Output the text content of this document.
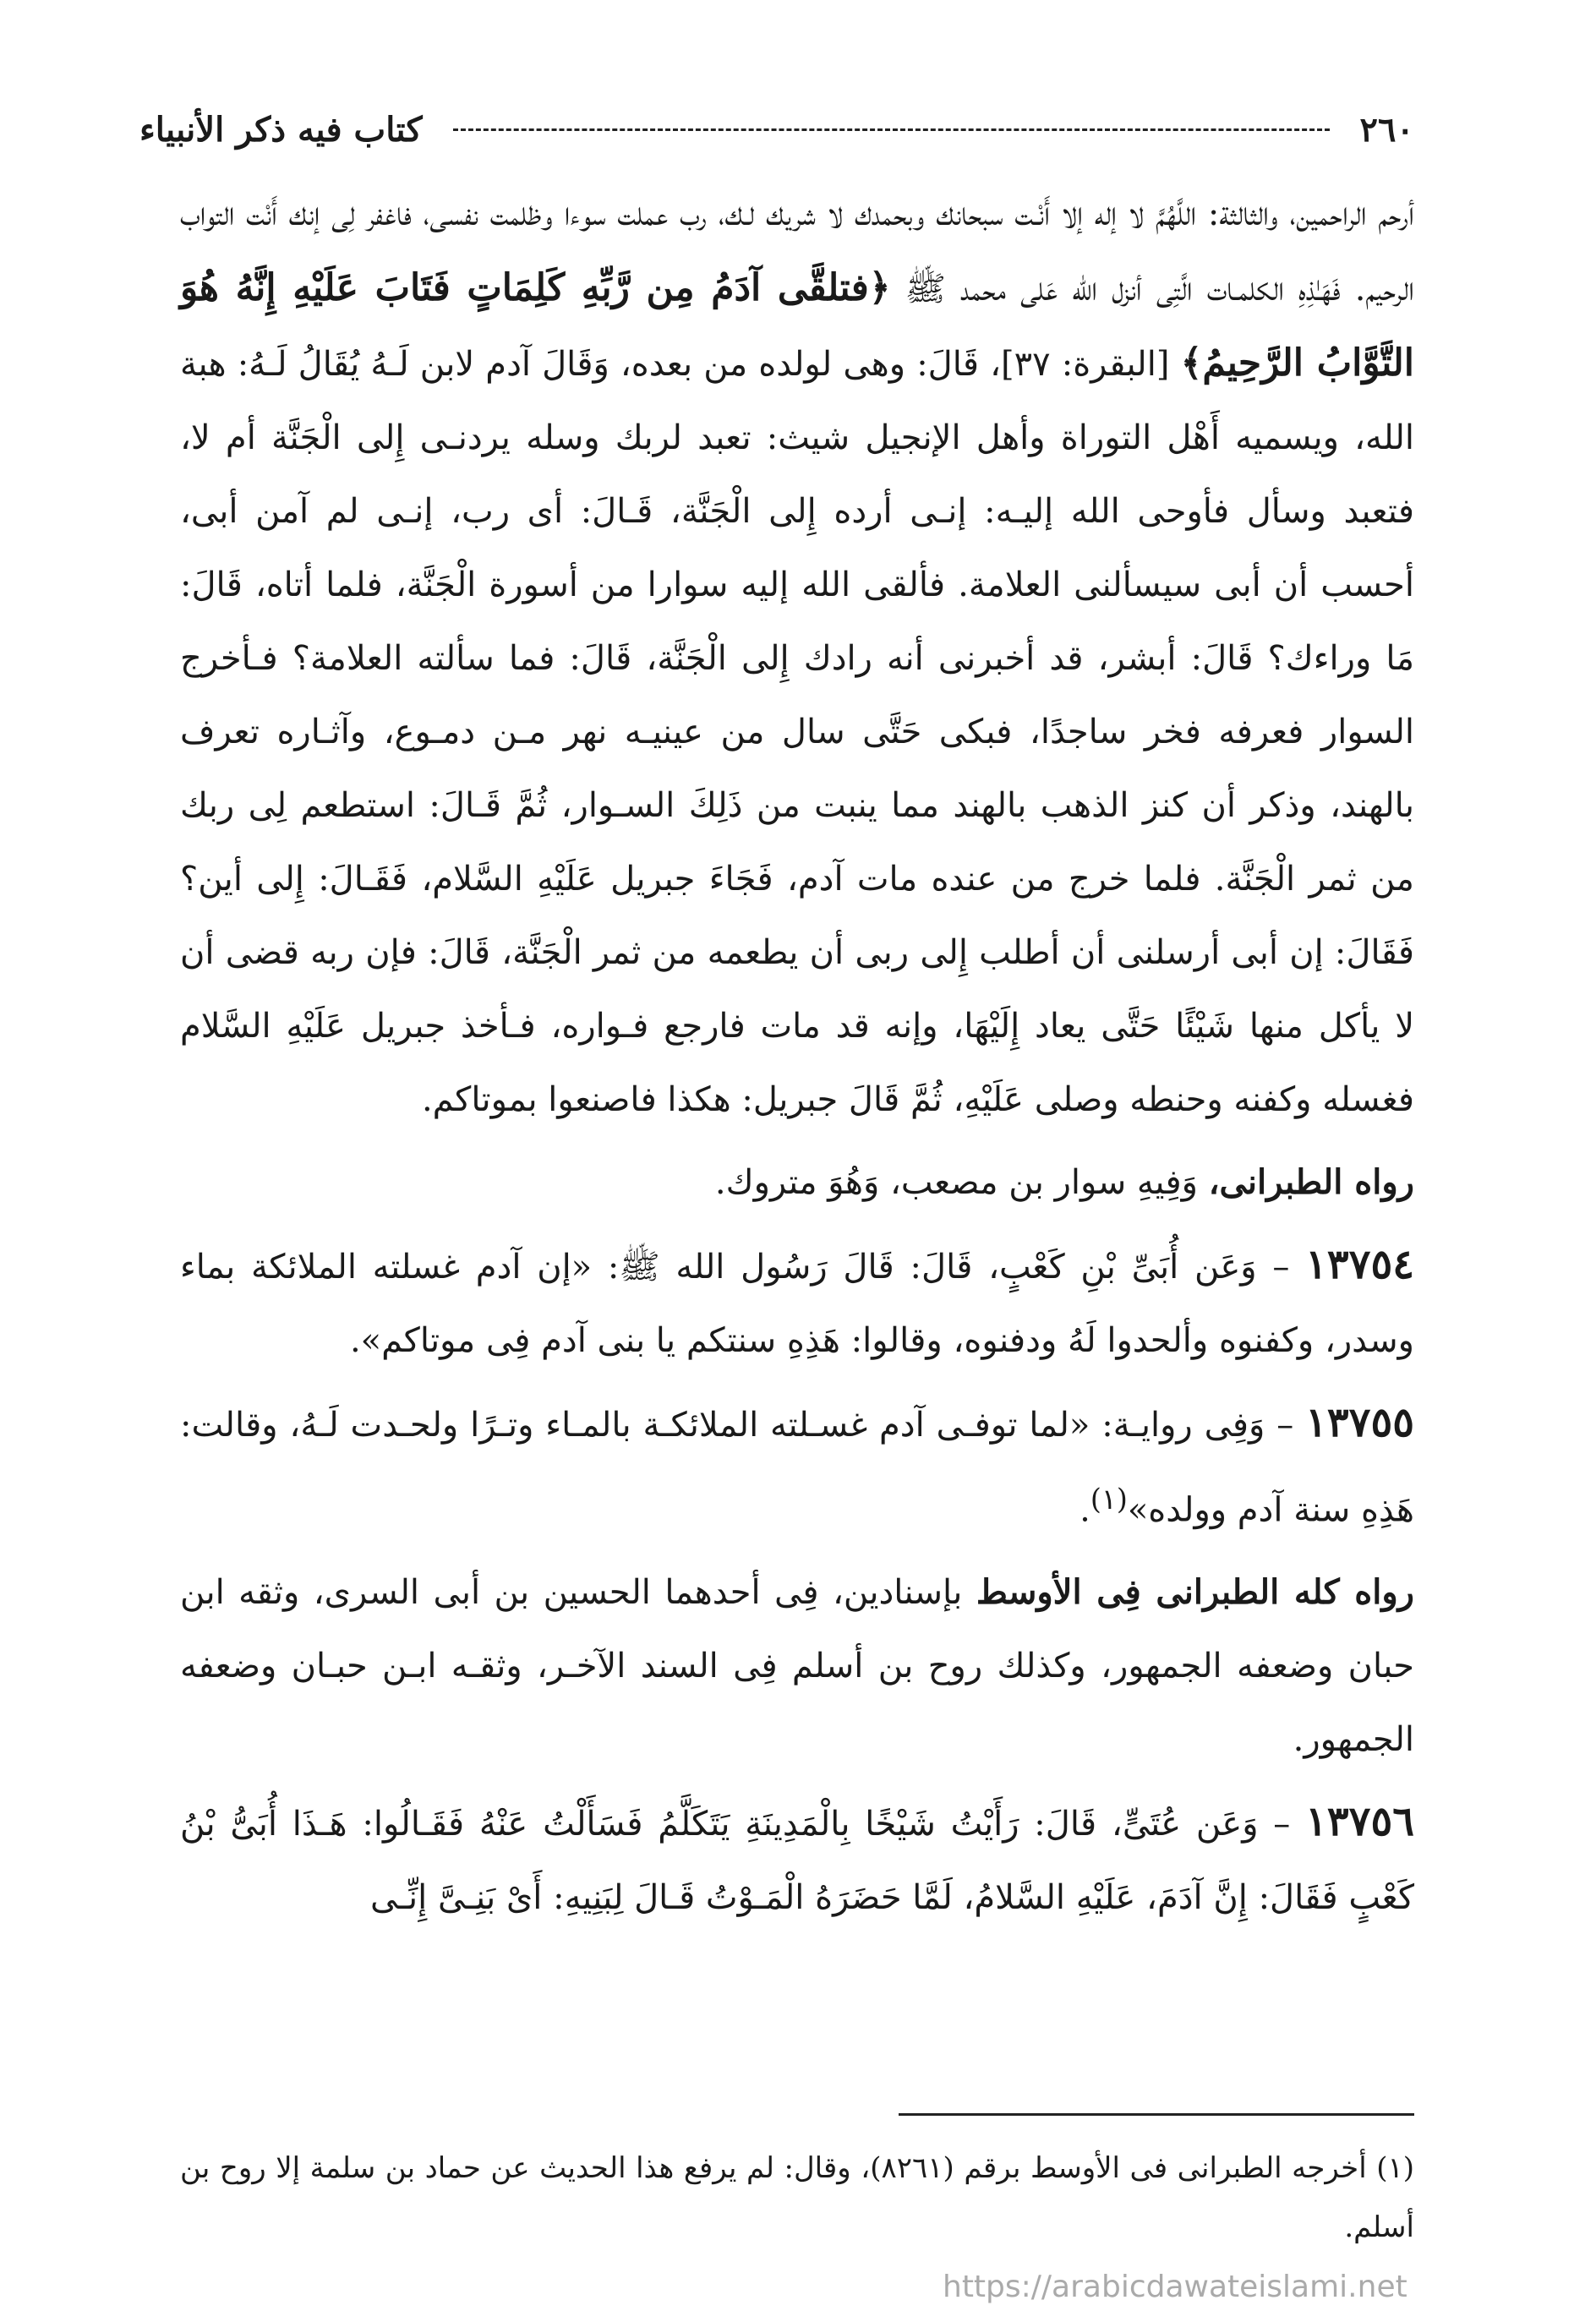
٢٦٠
كتاب فيه ذكر الأنبياء

أرحم الراحمين، والثالثة: اللَّهُمَّ لا إله إلا أَنْـت سبحانك وبحمدك لا شريك لـك، رب عملت سوءا وظلمت نفسى، فاغفر لِى إنك أَنْت التواب الرحيم. فَهَـٰذِهِ الكلمـات الَّتِى أنزل الله عَلى محمد ﷺ ﴿فتلقَّى آدَمُ مِن رَّبِّهِ كَلِمَاتٍ فَتَابَ عَلَيْهِ إِنَّهُ هُوَ التَّوَّابُ الرَّحِيمُ﴾ [البقرة: ٣٧]، قَالَ: وهى لولده من بعده، وَقَالَ آدم لابن لَـهُ يُقَالُ لَـهُ: هبة الله، ويسميه أَهْل التوراة وأهل الإنجيل شيث: تعبد لربك وسله يردنـى إِلى الْجَنَّة أم لا، فتعبد وسأل فأوحى الله إليـه: إنـى أرده إِلى الْجَنَّة، قَـالَ: أى رب، إنـى لم آمن أبى، أحسب أن أبى سيسألنى العلامة. فألقى الله إليه سوارا من أسورة الْجَنَّة، فلما أتاه، قَالَ: مَا وراءك؟ قَالَ: أبشر، قد أخبرنى أنه رادك إِلى الْجَنَّة، قَالَ: فما سألته العلامة؟ فـأخرج السوار فعرفه فخر ساجدًا، فبكى حَتَّى سال من عينيـه نهر مـن دمـوع، وآثـاره تعرف بالهند، وذكر أن كنز الذهب بالهند مما ينبت من ذَلِكَ السـوار، ثُمَّ قَـالَ: استطعم لِى ربك من ثمر الْجَنَّة. فلما خرج من عنده مات آدم، فَجَاءَ جبريل عَلَيْهِ السَّلام، فَقَـالَ: إِلى أين؟ فَقَالَ: إن أبى أرسلنى أن أطلب إِلى ربى أن يطعمه من ثمر الْجَنَّة، قَالَ: فإن ربه قضى أن لا يأكل منها شَيْئًا حَتَّى يعاد إِلَيْهَا، وإنه قد مات فارجع فـواره، فـأخذ جبريل عَلَيْهِ السَّلام فغسله وكفنه وحنطه وصلى عَلَيْهِ، ثُمَّ قَالَ جبريل: هكذا فاصنعوا بموتاكم.

رواه الطبرانى، وَفِيهِ سوار بن مصعب، وَهُوَ متروك.

١٣٧٥٤ – وَعَن أُبَىِّ بْنِ كَعْبٍ، قَالَ: قَالَ رَسُول الله ﷺ: «إن آدم غسلته الملائكة بماء وسدر، وكفنوه وألحدوا لَهُ ودفنوه، وقالوا: هَذِهِ سنتكم يا بنى آدم فِى موتاكم».

١٣٧٥٥ – وَفِى روايـة: «لما توفـى آدم غسـلته الملائكـة بالمـاء وتـرًا ولحـدت لَـهُ، وقالت: هَذِهِ سنة آدم وولده»$^{(١)}$.

رواه كله الطبرانى فِى الأوسط بإسنادين، فِى أحدهما الحسين بن أبى السرى، وثقه ابن حبان وضعفه الجمهور، وكذلك روح بن أسلم فِى السند الآخـر، وثقـه ابـن حبـان وضعفه الجمهور.

١٣٧٥٦ – وَعَن عُتَىٍّ، قَالَ: رَأَيْتُ شَيْخًا بِالْمَدِينَةِ يَتَكَلَّمُ فَسَأَلْتُ عَنْهُ فَقَـالُوا: هَـذَا أُبَىُّ بْنُ كَعْبٍ فَقَالَ: إِنَّ آدَمَ، عَلَيْهِ السَّلامُ، لَمَّا حَضَرَهُ الْمَـوْتُ قَـالَ لِبَنِيهِ: أَىْ بَنِـىَّ إِنِّـى

(١) أخرجه الطبرانى فى الأوسط برقم (٨٢٦١)، وقال: لم يرفع هذا الحديث عن حماد بن سلمة إلا روح بن أسلم.

https://arabicdawateislami.net
